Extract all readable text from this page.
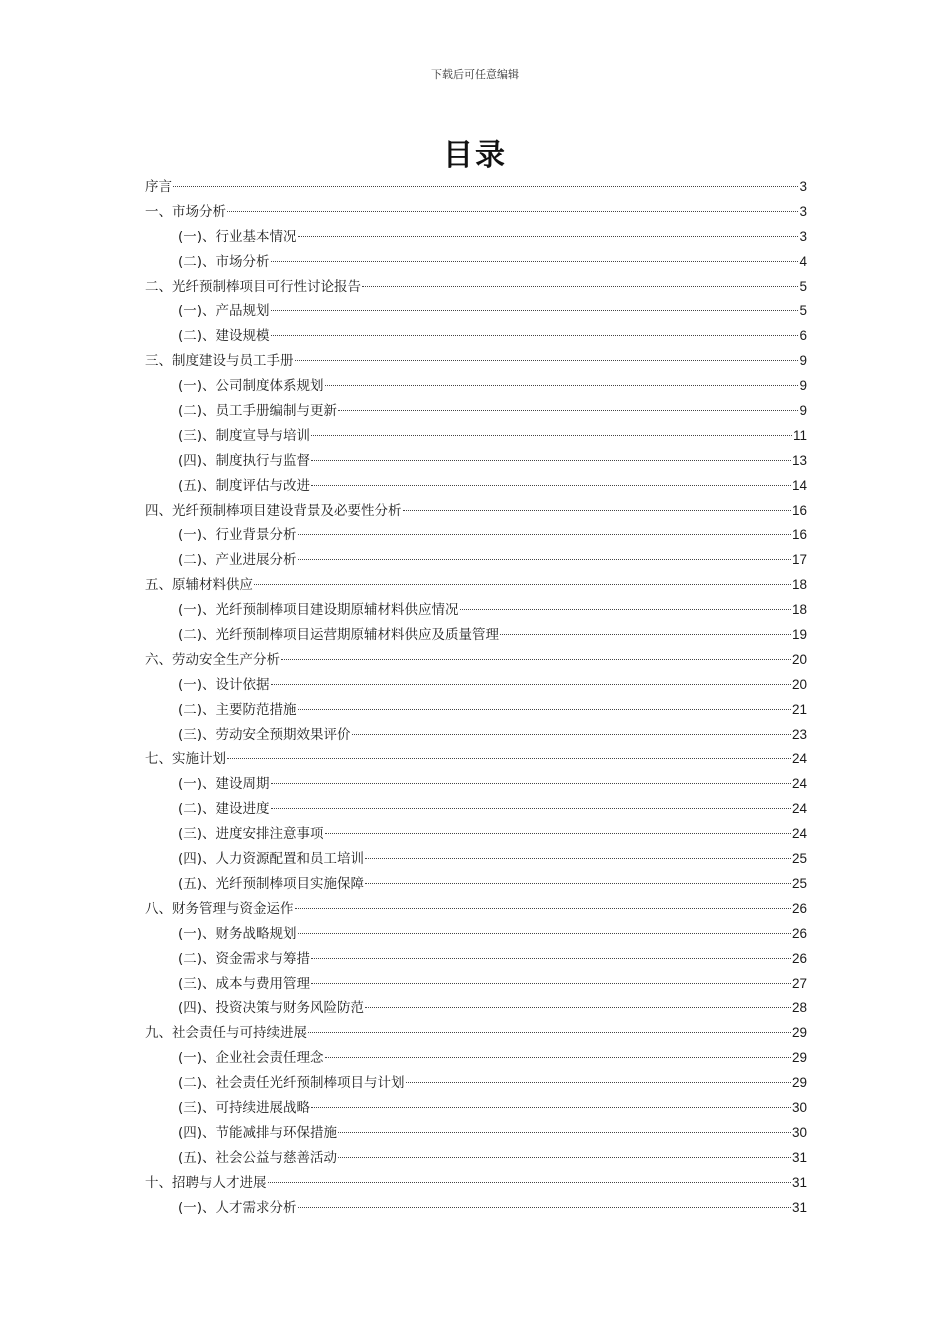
下载后可任意编辑
目录
序言	3
一、市场分析	3
(一)、行业基本情况	3
(二)、市场分析	4
二、光纤预制棒项目可行性讨论报告	5
(一)、产品规划	5
(二)、建设规模	6
三、制度建设与员工手册	9
(一)、公司制度体系规划	9
(二)、员工手册编制与更新	9
(三)、制度宣导与培训	11
(四)、制度执行与监督	13
(五)、制度评估与改进	14
四、光纤预制棒项目建设背景及必要性分析	16
(一)、行业背景分析	16
(二)、产业进展分析	17
五、原辅材料供应	18
(一)、光纤预制棒项目建设期原辅材料供应情况	18
(二)、光纤预制棒项目运营期原辅材料供应及质量管理	19
六、劳动安全生产分析	20
(一)、设计依据	20
(二)、主要防范措施	21
(三)、劳动安全预期效果评价	23
七、实施计划	24
(一)、建设周期	24
(二)、建设进度	24
(三)、进度安排注意事项	24
(四)、人力资源配置和员工培训	25
(五)、光纤预制棒项目实施保障	25
八、财务管理与资金运作	26
(一)、财务战略规划	26
(二)、资金需求与筹措	26
(三)、成本与费用管理	27
(四)、投资决策与财务风险防范	28
九、社会责任与可持续进展	29
(一)、企业社会责任理念	29
(二)、社会责任光纤预制棒项目与计划	29
(三)、可持续进展战略	30
(四)、节能减排与环保措施	30
(五)、社会公益与慈善活动	31
十、招聘与人才进展	31
(一)、人才需求分析	31
